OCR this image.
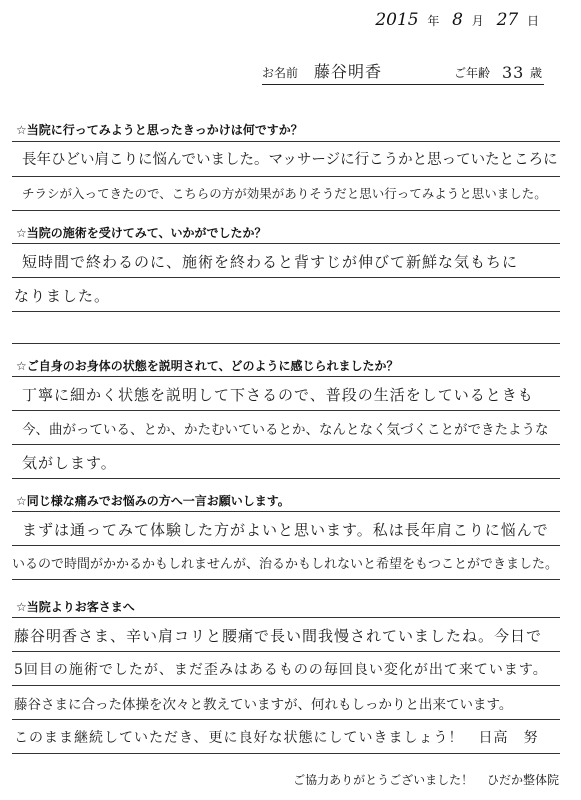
2015 年 8 月 27 日
お名前 藤谷明香	ご年齢 33 歳
☆当院に行ってみようと思ったきっかけは何ですか？
長年ひどい肩こりに悩んでいました。マッサージに行こうかと思っていたところに
チラシが入ってきたので、こちらの方が効果がありそうだと思い行ってみようと思いました。
☆当院の施術を受けてみて、いかがでしたか？
短時間で終わるのに、施術を終わると背すじが伸びて新鮮な気もちに
なりました。
☆ご自身のお身体の状態を説明されて、どのように感じられましたか？
丁寧に細かく状態を説明して下さるので、普段の生活をしているときも
今、曲がっている、とか、かたむいているとか、なんとなく気づくことができたような
気がします。
☆同じ様な痛みでお悩みの方へ一言お願いします。
まずは通ってみて体験した方がよいと思います。私は長年肩こりに悩んで
いるので時間がかかるかもしれませんが、治るかもしれないと希望をもつことができました。
☆当院よりお客さまへ
藤谷明香さま、辛い肩コリと腰痛で長い間我慢されていましたね。今日で
5回目の施術でしたが、まだ歪みはあるものの毎回良い変化が出て来ています。
藤谷さまに合った体操を次々と教えていますが、何れもしっかりと出来ています。
このまま継続していただき、更に良好な状態にしていきましょう！　日高　努
ご協力ありがとうございました！ ひだか整体院
